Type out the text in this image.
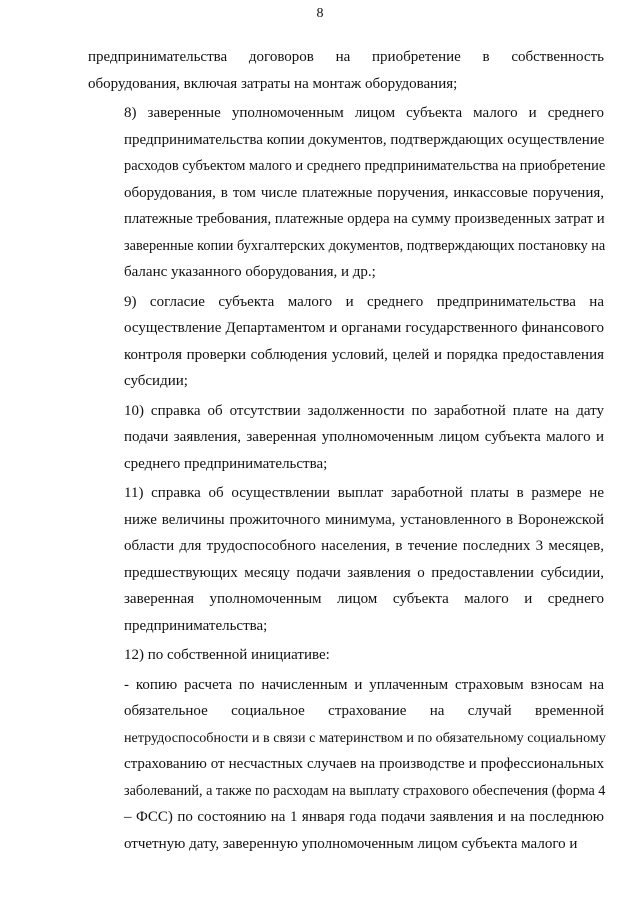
8

предпринимательства договоров на приобретение в собственность
оборудования, включая затраты на монтаж оборудования;

8) заверенные уполномоченным лицом субъекта малого и среднего
предпринимательства копии документов, подтверждающих осуществление
расходов субъектом малого и среднего предпринимательства на приобретение
оборудования, в том числе платежные поручения, инкассовые поручения,
платежные требования, платежные ордера на сумму произведенных затрат и
заверенные копии бухгалтерских документов, подтверждающих постановку на
баланс указанного оборудования, и др.;

9) согласие субъекта малого и среднего предпринимательства на
осуществление Департаментом и органами государственного финансового
контроля проверки соблюдения условий, целей и порядка предоставления
субсидии;

10) справка об отсутствии задолженности по заработной плате на дату
подачи заявления, заверенная уполномоченным лицом субъекта малого и
среднего предпринимательства;

11) справка об осуществлении выплат заработной платы в размере не
ниже величины прожиточного минимума, установленного в Воронежской
области для трудоспособного населения, в течение последних 3 месяцев,
предшествующих месяцу подачи заявления о предоставлении субсидии,
заверенная уполномоченным лицом субъекта малого и среднего
предпринимательства;

12) по собственной инициативе:

- копию расчета по начисленным и уплаченным страховым взносам на
обязательное социальное страхование на случай временной
нетрудоспособности и в связи с материнством и по обязательному социальному
страхованию от несчастных случаев на производстве и профессиональных
заболеваний, а также по расходам на выплату страхового обеспечения (форма 4
– ФСС) по состоянию на 1 января года подачи заявления и на последнюю
отчетную дату, заверенную уполномоченным лицом субъекта малого и
